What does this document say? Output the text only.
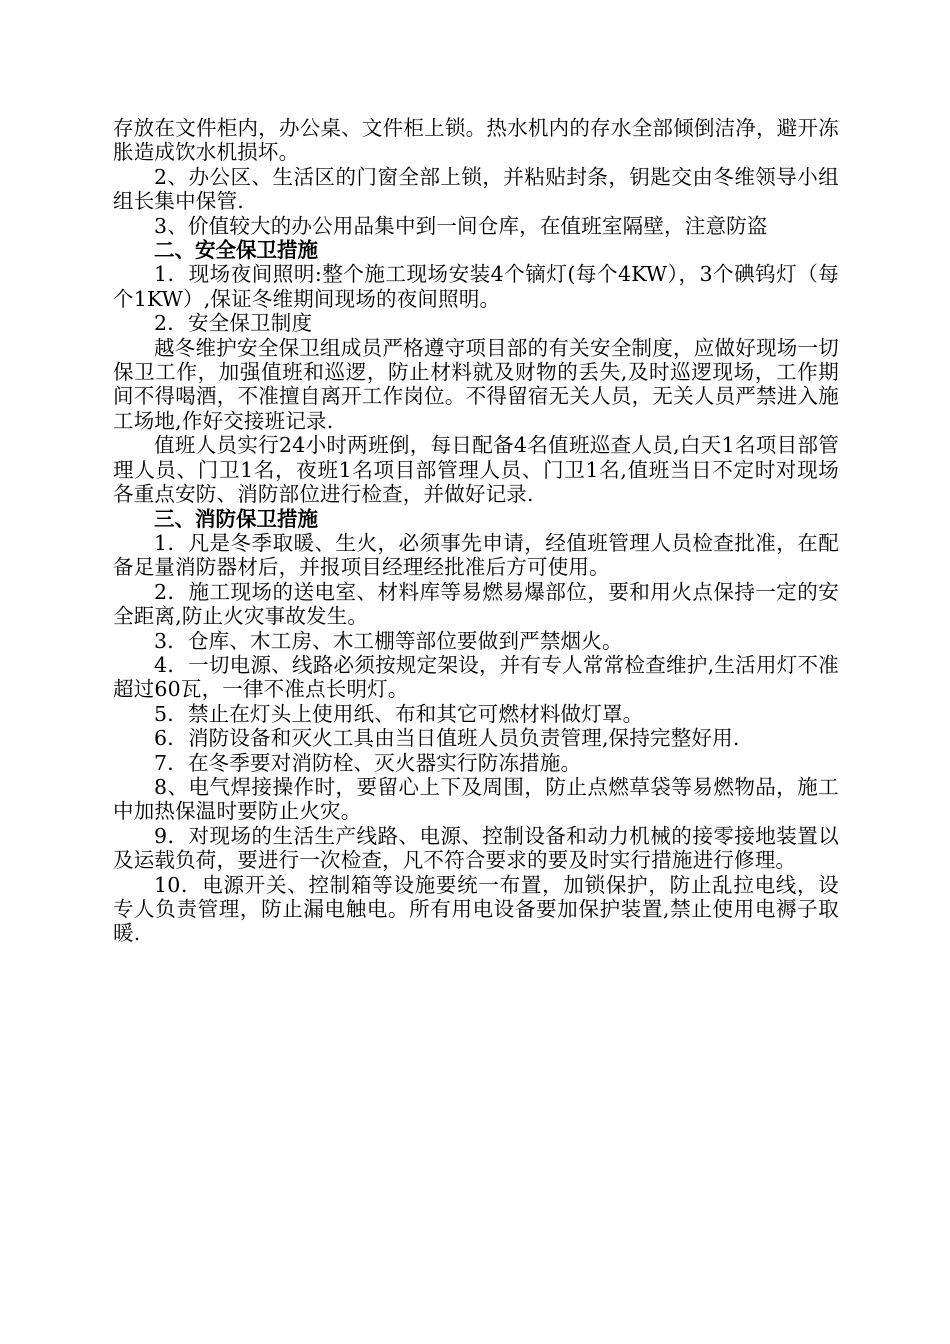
存放在文件柜内，办公桌、文件柜上锁。热水机内的存水全部倾倒洁净，避开冻胀造成饮水机损坏。

2、办公区、生活区的门窗全部上锁，并粘贴封条，钥匙交由冬维领导小组组长集中保管.

3、价值较大的办公用品集中到一间仓库，在值班室隔壁，注意防盗

二、安全保卫措施

1．现场夜间照明:整个施工现场安装4个镝灯(每个4KW），3个碘钨灯（每个1KW）,保证冬维期间现场的夜间照明。

2．安全保卫制度

越冬维护安全保卫组成员严格遵守项目部的有关安全制度，应做好现场一切保卫工作，加强值班和巡逻，防止材料就及财物的丢失,及时巡逻现场，工作期间不得喝酒，不准擅自离开工作岗位。不得留宿无关人员，无关人员严禁进入施工场地,作好交接班记录.

值班人员实行24小时两班倒，每日配备4名值班巡查人员,白天1名项目部管理人员、门卫1名，夜班1名项目部管理人员、门卫1名,值班当日不定时对现场各重点安防、消防部位进行检查，并做好记录.

三、消防保卫措施

1．凡是冬季取暖、生火，必须事先申请，经值班管理人员检查批准，在配备足量消防器材后，并报项目经理经批准后方可使用。

2．施工现场的送电室、材料库等易燃易爆部位，要和用火点保持一定的安全距离,防止火灾事故发生。

3．仓库、木工房、木工棚等部位要做到严禁烟火。

4．一切电源、线路必须按规定架设，并有专人常常检查维护,生活用灯不准超过60瓦，一律不准点长明灯。

5．禁止在灯头上使用纸、布和其它可燃材料做灯罩。

6．消防设备和灭火工具由当日值班人员负责管理,保持完整好用.

7．在冬季要对消防栓、灭火器实行防冻措施。

8、电气焊接操作时，要留心上下及周围，防止点燃草袋等易燃物品，施工中加热保温时要防止火灾。

9．对现场的生活生产线路、电源、控制设备和动力机械的接零接地装置以及运载负荷，要进行一次检查，凡不符合要求的要及时实行措施进行修理。

10．电源开关、控制箱等设施要统一布置，加锁保护，防止乱拉电线，设专人负责管理，防止漏电触电。所有用电设备要加保护装置,禁止使用电褥子取暖.
